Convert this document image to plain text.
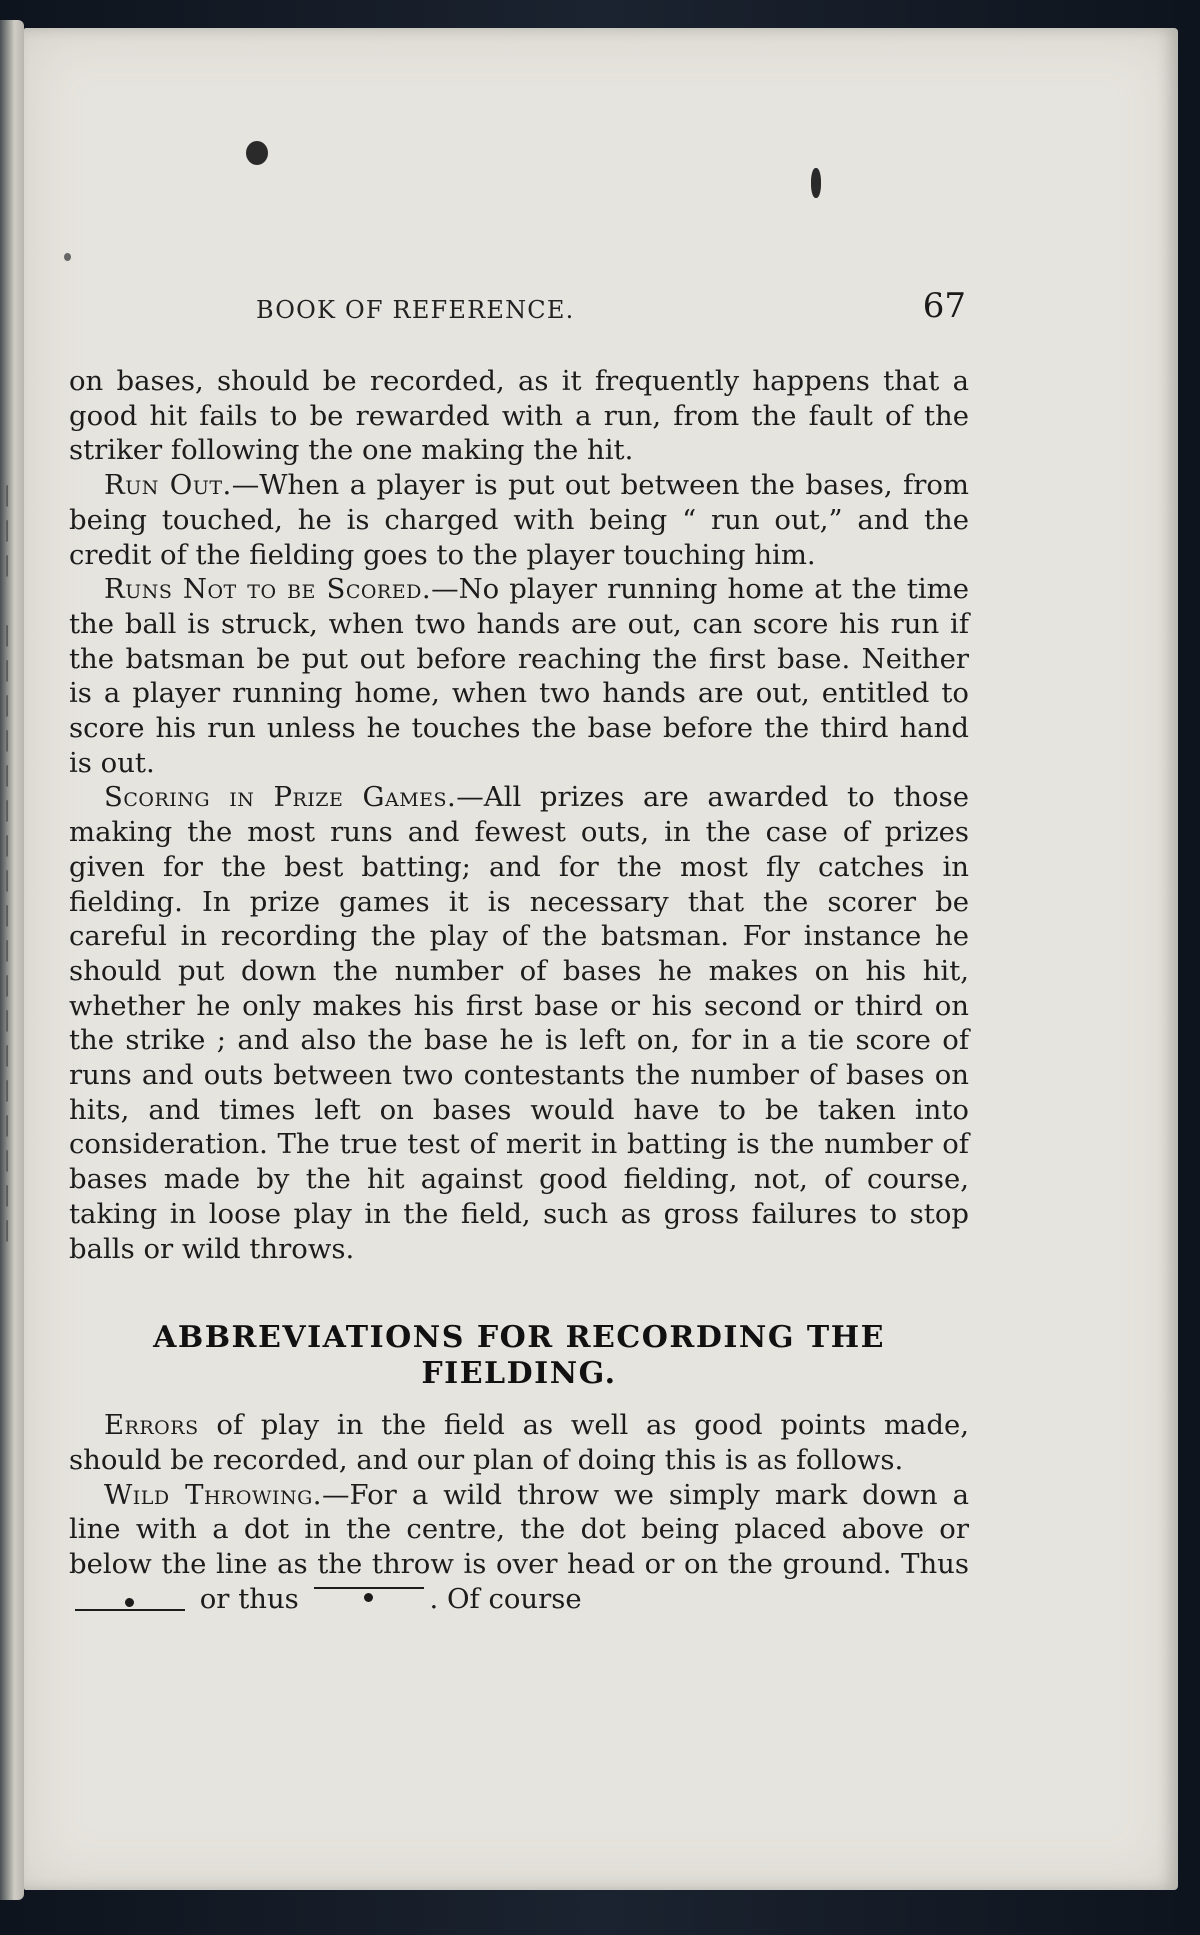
׀
׀
׀

׀
׀
׀
׀
׀
׀
׀
׀
׀
׀
׀
׀
׀
׀
׀
׀
׀
׀
BOOK OF REFERENCE.	67

on bases, should be recorded, as it frequently happens that a good hit fails to be rewarded with a run, from the fault of the striker following the one making the hit.

Run Out.—When a player is put out between the bases, from being touched, he is charged with being “ run out,” and the credit of the fielding goes to the player touching him.

Runs Not to be Scored.—No player running home at the time the ball is struck, when two hands are out, can score his run if the batsman be put out before reaching the first base. Neither is a player running home, when two hands are out, entitled to score his run unless he touches the base before the third hand is out.

Scoring in Prize Games.—All prizes are awarded to those making the most runs and fewest outs, in the case of prizes given for the best batting; and for the most fly catches in fielding. In prize games it is necessary that the scorer be careful in recording the play of the batsman. For instance he should put down the number of bases he makes on his hit, whether he only makes his first base or his second or third on the strike ; and also the base he is left on, for in a tie score of runs and outs between two contestants the number of bases on hits, and times left on bases would have to be taken into consideration. The true test of merit in batting is the number of bases made by the hit against good fielding, not, of course, taking in loose play in the field, such as gross failures to stop balls or wild throws.

ABBREVIATIONS FOR RECORDING THE FIELDING.

Errors of play in the field as well as good points made, should be recorded, and our plan of doing this is as follows.

Wild Throwing.—For a wild throw we simply mark down a line with a dot in the centre, the dot being placed above or below the line as the throw is over head or on the ground. Thus
or thus	. Of course
